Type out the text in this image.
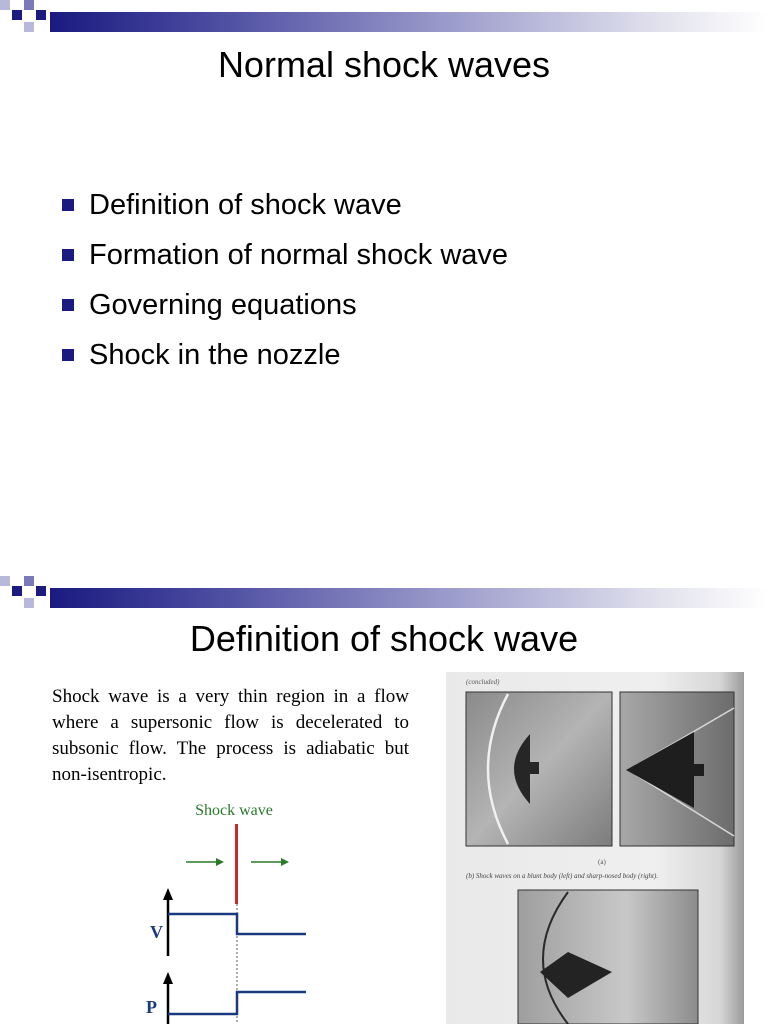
Normal shock waves
Definition of shock wave
Formation of normal shock wave
Governing equations
Shock in the nozzle
Definition of shock wave

Shock wave is a very thin region in a flow where a supersonic flow is decelerated to subsonic flow. The process is adiabatic but non-isentropic.

Shock wave
V
P
(concluded)
(a)
(b) Shock waves on a blunt body (left) and sharp-nosed body (right).
